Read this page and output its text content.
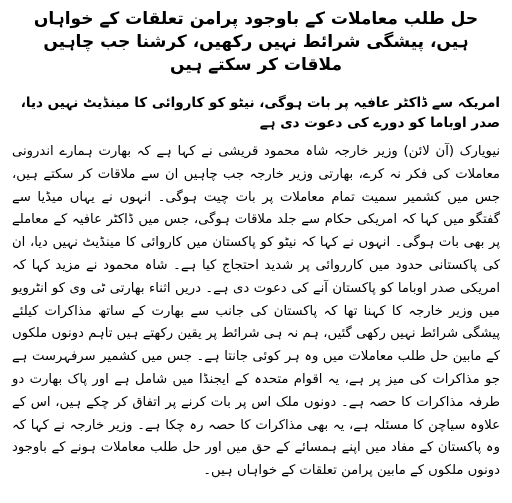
حل طلب معاملات کے باوجود پرامن تعلقات کے خواہاں ہیں، پیشگی شرائط نہیں رکھیں، کرشنا جب چاہیں ملاقات کر سکتے ہیں
امریکہ سے ڈاکٹر عافیہ پر بات ہوگی، نیٹو کو کاروائی کا مینڈیٹ نہیں دیا، صدر اوباما کو دورے کی دعوت دی ہے

نیویارک (آن لائن) وزیر خارجہ شاہ محمود قریشی نے کہا ہے کہ بھارت ہمارے اندرونی معاملات کی فکر نہ کرے، بھارتی وزیر خارجہ جب چاہیں ان سے ملاقات کر سکتے ہیں، جس میں کشمیر سمیت تمام معاملات پر بات چیت ہوگی۔ انہوں نے یہاں میڈیا سے گفتگو میں کہا کہ امریکی حکام سے جلد ملاقات ہوگی، جس میں ڈاکٹر عافیہ کے معاملے پر بھی بات ہوگی۔ انہوں نے کہا کہ نیٹو کو پاکستان میں کاروائی کا مینڈیٹ نہیں دیا، ان کی پاکستانی حدود میں کارروائی پر شدید احتجاج کیا ہے۔ شاہ محمود نے مزید کہا کہ امریکی صدر اوباما کو پاکستان آنے کی دعوت دی ہے۔ دریں اثناء بھارتی ٹی وی کو انٹرویو میں وزیر خارجہ کا کہنا تھا کہ پاکستان کی جانب سے بھارت کے ساتھ مذاکرات کیلئے پیشگی شرائط نہیں رکھی گئیں، ہم نہ ہی شرائط پر یقین رکھتے ہیں تاہم دونوں ملکوں کے مابین حل طلب معاملات میں وہ ہر کوئی جانتا ہے۔ جس میں کشمیر سرفہرست ہے جو مذاکرات کی میز پر ہے، یہ اقوام متحدہ کے ایجنڈا میں شامل ہے اور پاک بھارت دو طرفہ مذاکرات کا حصہ ہے۔ دونوں ملک اس پر بات کرنے پر اتفاق کر چکے ہیں، اس کے علاوہ سیاچن کا مسئلہ ہے، یہ بھی مذاکرات کا حصہ رہ چکا ہے۔ وزیر خارجہ نے کہا کہ وہ پاکستان کے مفاد میں اپنے ہمسائے کے حق میں اور حل طلب معاملات ہونے کے باوجود دونوں ملکوں کے مابین پرامن تعلقات کے خواہاں ہیں۔
